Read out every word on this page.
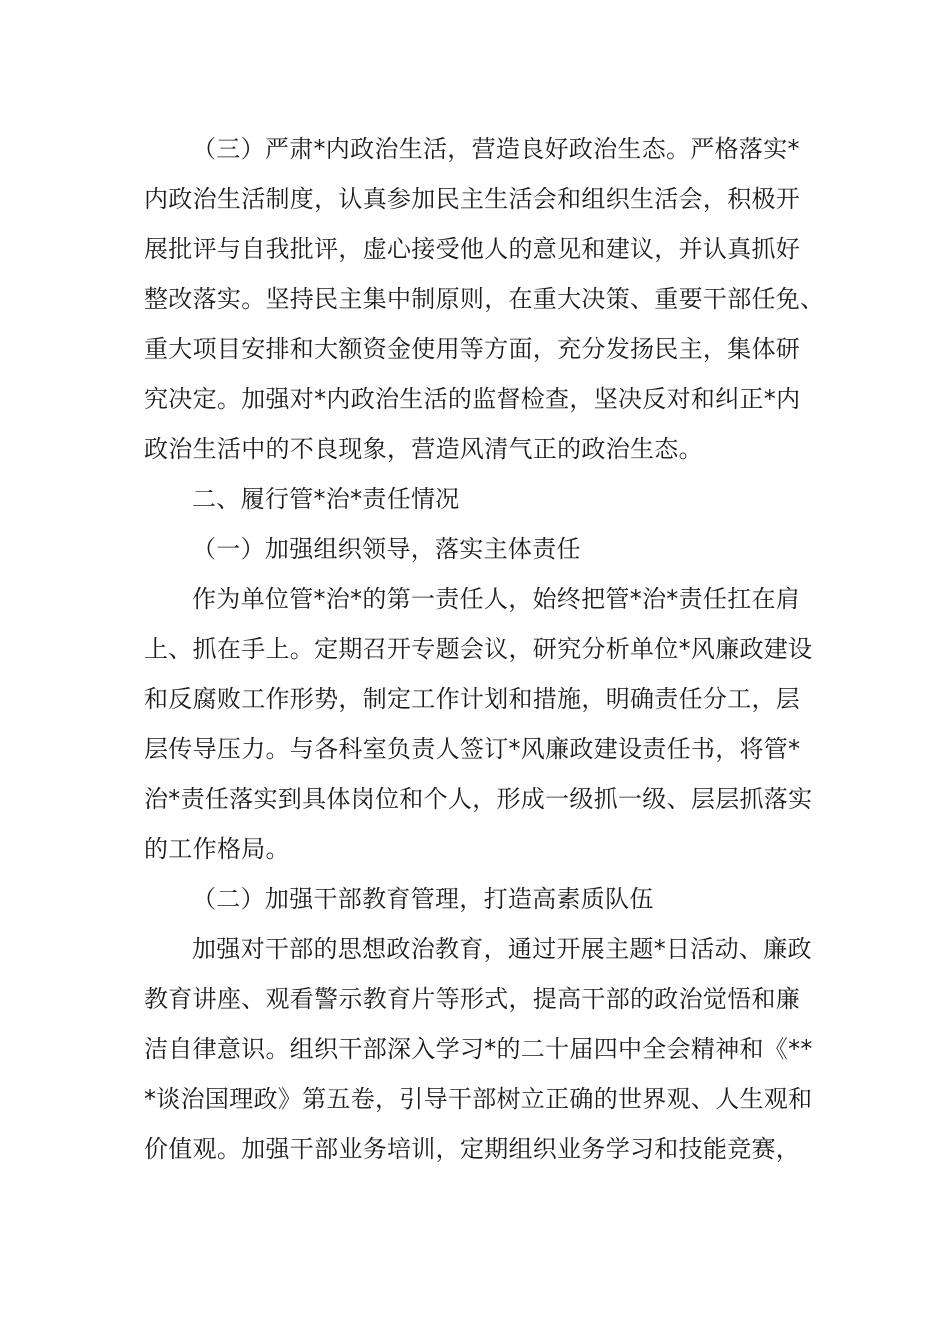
（三）严肃*内政治生活，营造良好政治生态。严格落实*
内政治生活制度，认真参加民主生活会和组织生活会，积极开
展批评与自我批评，虚心接受他人的意见和建议，并认真抓好
整改落实。坚持民主集中制原则，在重大决策、重要干部任免、
重大项目安排和大额资金使用等方面，充分发扬民主，集体研
究决定。加强对*内政治生活的监督检查，坚决反对和纠正*内
政治生活中的不良现象，营造风清气正的政治生态。
二、履行管*治*责任情况
（一）加强组织领导，落实主体责任
作为单位管*治*的第一责任人，始终把管*治*责任扛在肩
上、抓在手上。定期召开专题会议，研究分析单位*风廉政建设
和反腐败工作形势，制定工作计划和措施，明确责任分工，层
层传导压力。与各科室负责人签订*风廉政建设责任书，将管*
治*责任落实到具体岗位和个人，形成一级抓一级、层层抓落实
的工作格局。
（二）加强干部教育管理，打造高素质队伍
加强对干部的思想政治教育，通过开展主题*日活动、廉政
教育讲座、观看警示教育片等形式，提高干部的政治觉悟和廉
洁自律意识。组织干部深入学习*的二十届四中全会精神和《**
*谈治国理政》第五卷，引导干部树立正确的世界观、人生观和
价值观。加强干部业务培训，定期组织业务学习和技能竞赛，
